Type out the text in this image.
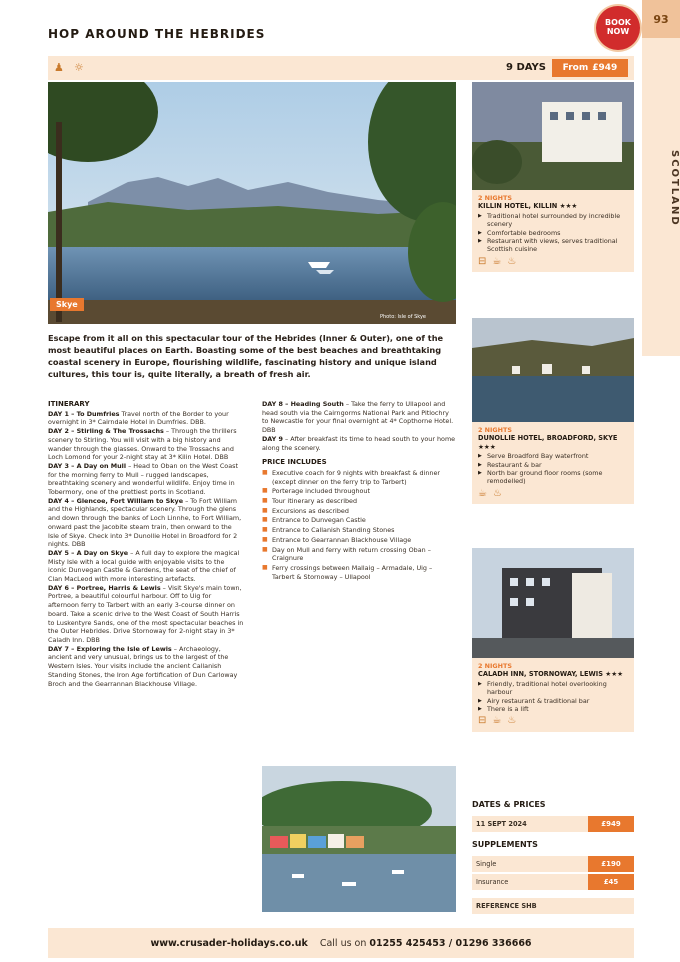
HOP AROUND THE HEBRIDES
BOOK
NOW
93
SCOTLAND
♟ ☼	9 DAYS From £949
Skye
Photo: Isle of Skye
Escape from it all on this spectacular tour of the Hebrides (Inner & Outer), one of the most beautiful places on Earth. Boasting some of the best beaches and breathtaking coastal scenery in Europe, flourishing wildlife, fascinating history and unique island cultures, this tour is, quite literally, a breath of fresh air.
ITINERARY

DAY 1 – To Dumfries Travel north of the Border to your overnight in 3* Cairndale Hotel in Dumfries. DBB.

DAY 2 – Stirling & The Trossachs – Through the thrillers scenery to Stirling. You will visit with a big history and wander through the glasses. Onward to the Trossachs and Loch Lomond for your 2-night stay at 3* Kilin Hotel. DBB

DAY 3 – A Day on Mull – Head to Oban on the West Coast for the morning ferry to Mull – rugged landscapes, breathtaking scenery and wonderful wildlife. Enjoy time in Tobermory, one of the prettiest ports in Scotland.

DAY 4 – Glencoe, Fort William to Skye – To Fort William and the Highlands, spectacular scenery. Through the glens and down through the banks of Loch Linnhe, to Fort William, onward past the Jacobite steam train, then onward to the Isle of Skye. Check into 3* Dunollie Hotel in Broadford for 2 nights. DBB

DAY 5 – A Day on Skye – A full day to explore the magical Misty Isle with a local guide with enjoyable visits to the iconic Dunvegan Castle & Gardens, the seat of the chief of Clan MacLeod with more interesting artefacts.

DAY 6 – Portree, Harris & Lewis – Visit Skye's main town, Portree, a beautiful colourful harbour. Off to Uig for afternoon ferry to Tarbert with an early 3-course dinner on board. Take a scenic drive to the West Coast of South Harris to Luskentyre Sands, one of the most spectacular beaches in the Outer Hebrides. Drive Stornoway for 2-night stay in 3* Caladh Inn. DBB

DAY 7 – Exploring the Isle of Lewis – Archaeology, ancient and very unusual, brings us to the largest of the Western Isles. Your visits include the ancient Callanish Standing Stones, the Iron Age fortification of Dun Carloway Broch and the Gearrannan Blackhouse Village.

DAY 8 – Heading South – Take the ferry to Ullapool and head south via the Cairngorms National Park and Pitlochry to Newcastle for your final overnight at 4* Copthorne Hotel. DBB

DAY 9 – After breakfast its time to head south to your home along the scenery.

PRICE INCLUDES
■ Executive coach for 9 nights with breakfast & dinner (except dinner on the ferry trip to Tarbert)
■ Porterage included throughout
■ Tour itinerary as described
■ Excursions as described
■ Entrance to Dunvegan Castle
■ Entrance to Callanish Standing Stones
■ Entrance to Gearrannan Blackhouse Village
■ Day on Mull and ferry with return crossing Oban – Craignure
■ Ferry crossings between Mallaig – Armadale, Uig – Tarbert & Stornoway – Ullapool
2 NIGHTS
KILLIN HOTEL, KILLIN ★★★
▶ Traditional hotel surrounded by incredible scenery
▶ Comfortable bedrooms
▶ Restaurant with views, serves traditional Scottish cuisine
⊟☕♨
2 NIGHTS
DUNOLLIE HOTEL, BROADFORD, SKYE ★★★
▶ Serve Broadford Bay waterfront
▶ Restaurant & bar
▶ North bar ground floor rooms (some remodelled)
☕♨
2 NIGHTS
CALADH INN, STORNOWAY, LEWIS ★★★
▶ Friendly, traditional hotel overlooking harbour
▶ Airy restaurant & traditional bar
▶ There is a lift
⊟☕♨
DATES & PRICES
11 SEPT 2024	£949
SUPPLEMENTS
Single	£190
Insurance	£45
REFERENCE SHB
www.crusader-holidays.co.uk Call us on 01255 425453 / 01296 336666
